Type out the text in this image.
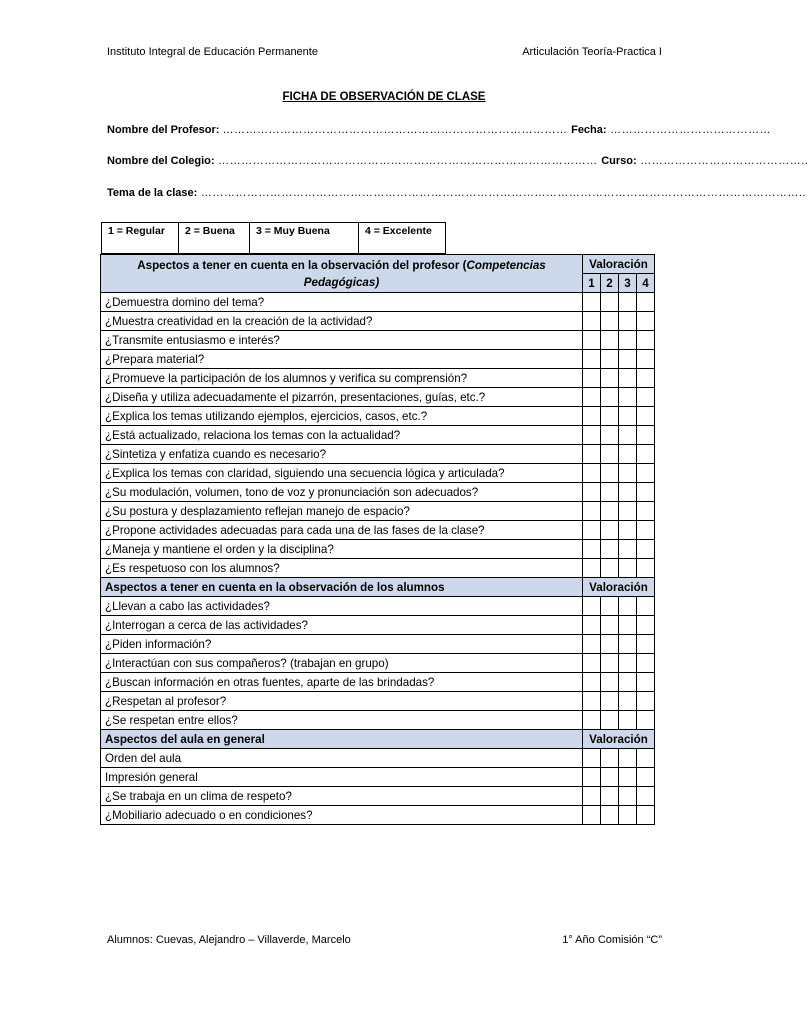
Instituto Integral de Educación Permanente	Articulación Teoría-Practica I
FICHA DE OBSERVACIÓN DE CLASE
Nombre del Profesor: ……………………………………………………………………………… Fecha: ……………………………………
Nombre del Colegio: ……………………………………………………………………………………… Curso: ……………………………………..
Tema de la clase: …………………………………………………………………………………………………………………………………………..
1 = Regular	2 = Buena	3 = Muy Buena	4 = Excelente
Aspectos a tener en cuenta en la observación del profesor (Competencias Pedagógicas)	Valoración			
	1	2	3	4
¿Demuestra domino del tema?				
¿Muestra creatividad en la creación de la actividad?				
¿Transmite entusiasmo e interés?				
¿Prepara material?				
¿Promueve la participación de los alumnos y verifica su comprensión?				
¿Diseña y utiliza adecuadamente el pizarrón, presentaciones, guías, etc.?				
¿Explica los temas utilizando ejemplos, ejercicios, casos, etc.?				
¿Está actualizado, relaciona los temas con la actualidad?				
¿Sintetiza y enfatiza cuando es necesario?				
¿Explica los temas con claridad, siguiendo una secuencia lógica y articulada?				
¿Su modulación, volumen, tono de voz y pronunciación son adecuados?				
¿Su postura y desplazamiento reflejan manejo de espacio?				
¿Propone actividades adecuadas para cada una de las fases de la clase?				
¿Maneja y mantiene el orden y la disciplina?				
¿Es respetuoso con los alumnos?				
Aspectos a tener en cuenta en la observación de los alumnos	Valoración			
¿Llevan a cabo las actividades?				
¿Interrogan a cerca de las actividades?				
¿Piden información?				
¿Interactúan con sus compañeros? (trabajan en grupo)				
¿Buscan información en otras fuentes, aparte de las brindadas?				
¿Respetan al profesor?				
¿Se respetan entre ellos?				
Aspectos del aula en general	Valoración			
Orden del aula				
Impresión general				
¿Se trabaja en un clima de respeto?				
¿Mobiliario adecuado o en condiciones?				
Alumnos: Cuevas, Alejandro – Villaverde, Marcelo	1° Año Comisión “C”
